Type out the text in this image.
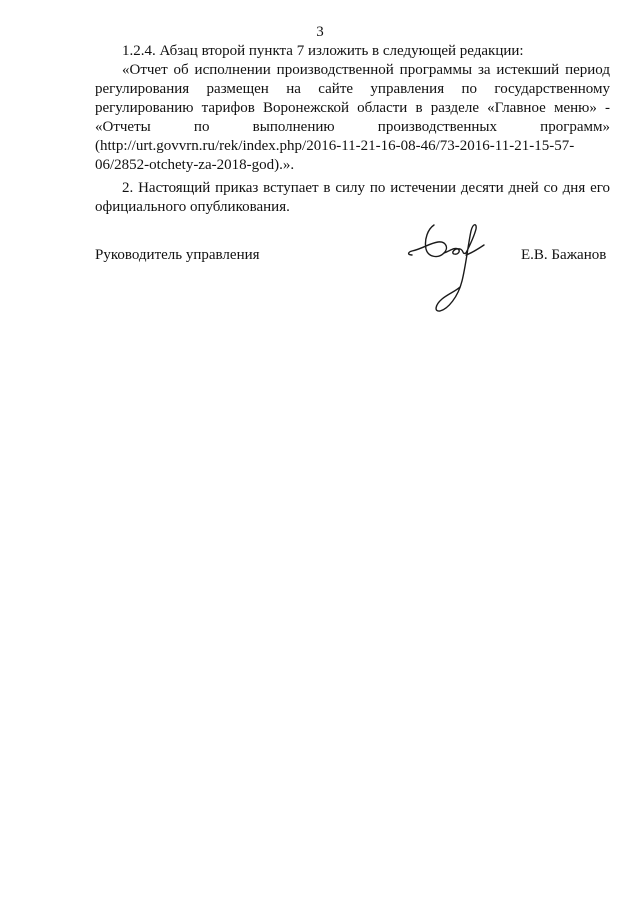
3
1.2.4. Абзац второй пункта 7 изложить в следующей редакции:
«Отчет об исполнении производственной программы за истекший период
регулирования размещен на сайте управления по государственному
регулированию тарифов Воронежской области в разделе «Главное меню» -
«Отчеты по выполнению производственных программ»
(http://urt.govvrn.ru/rek/index.php/2016-11-21-16-08-46/73-2016-11-21-15-57-
06/2852-otchety-za-2018-god).».
2. Настоящий приказ вступает в силу по истечении десяти дней со дня его
официального опубликования.
Руководитель управления	Е.В. Бажанов
